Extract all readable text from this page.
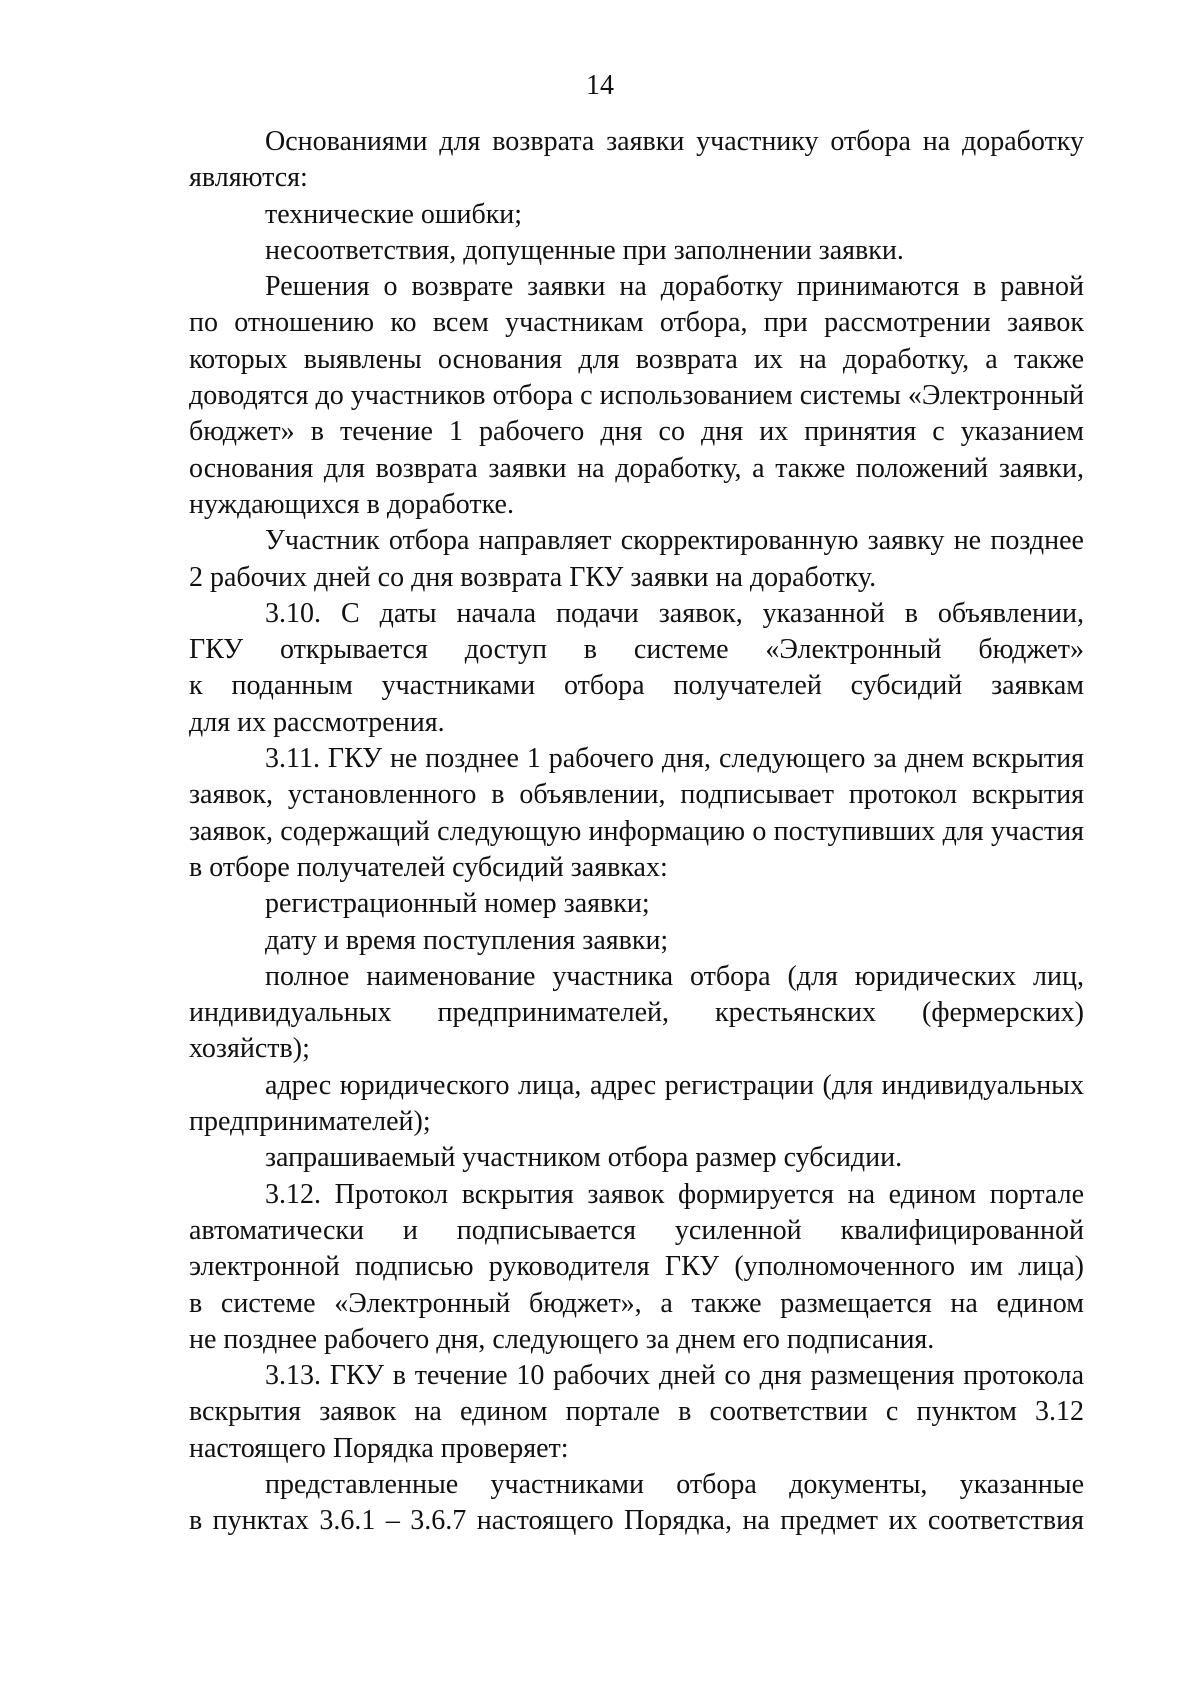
14
Основаниями для возврата заявки участнику отбора на доработку
являются:
технические ошибки;
несоответствия, допущенные при заполнении заявки.
Решения о возврате заявки на доработку принимаются в равной
по отношению ко всем участникам отбора, при рассмотрении заявок
которых выявлены основания для возврата их на доработку, а также
доводятся до участников отбора с использованием системы «Электронный
бюджет» в течение 1 рабочего дня со дня их принятия с указанием
основания для возврата заявки на доработку, а также положений заявки,
нуждающихся в доработке.
Участник отбора направляет скорректированную заявку не позднее
2 рабочих дней со дня возврата ГКУ заявки на доработку.
3.10. С даты начала подачи заявок, указанной в объявлении,
ГКУ открывается доступ в системе «Электронный бюджет»
к поданным участниками отбора получателей субсидий заявкам
для их рассмотрения.
3.11. ГКУ не позднее 1 рабочего дня, следующего за днем вскрытия
заявок, установленного в объявлении, подписывает протокол вскрытия
заявок, содержащий следующую информацию о поступивших для участия
в отборе получателей субсидий заявках:
регистрационный номер заявки;
дату и время поступления заявки;
полное наименование участника отбора (для юридических лиц,
индивидуальных предпринимателей, крестьянских (фермерских)
хозяйств);
адрес юридического лица, адрес регистрации (для индивидуальных
предпринимателей);
запрашиваемый участником отбора размер субсидии.
3.12. Протокол вскрытия заявок формируется на едином портале
автоматически и подписывается усиленной квалифицированной
электронной подписью руководителя ГКУ (уполномоченного им лица)
в системе «Электронный бюджет», а также размещается на едином
не позднее рабочего дня, следующего за днем его подписания.
3.13. ГКУ в течение 10 рабочих дней со дня размещения протокола
вскрытия заявок на едином портале в соответствии с пунктом 3.12
настоящего Порядка проверяет:
представленные участниками отбора документы, указанные
в пунктах 3.6.1 – 3.6.7 настоящего Порядка, на предмет их соответствия
